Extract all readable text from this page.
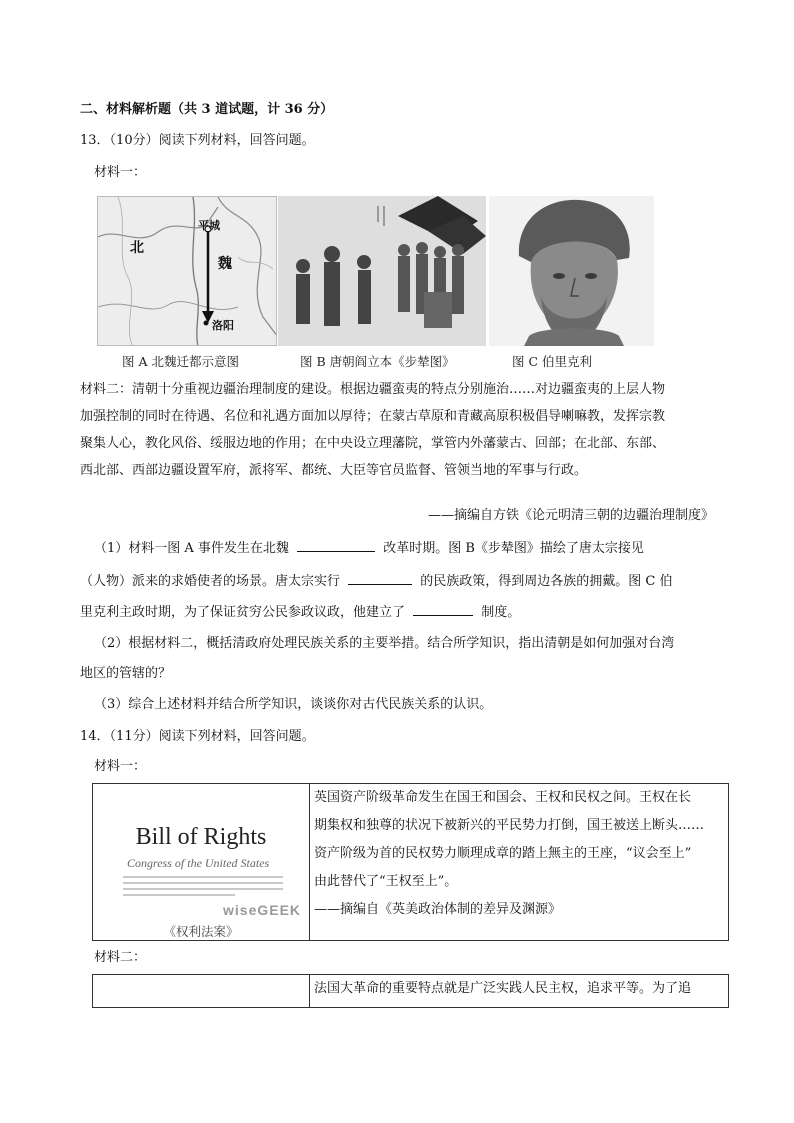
二、材料解析题（共 3 道试题，计 36 分）
13．（10分）阅读下列材料，回答问题。
材料一：
北
平城
魏
洛阳
图 A 北魏迁都示意图	图 B 唐朝阎立本《步辇图》	图 C 伯里克利

材料二：清朝十分重视边疆治理制度的建设。根据边疆蛮夷的特点分别施治……对边疆蛮夷的上层人物

加强控制的同时在待遇、名位和礼遇方面加以厚待；在蒙古草原和青藏高原积极倡导喇嘛教，发挥宗教

聚集人心，教化风俗、绥服边地的作用；在中央设立理藩院，掌管内外藩蒙古、回部；在北部、东部、

西北部、西部边疆设置军府，派将军、都统、大臣等官员监督、管领当地的军事与行政。

——摘编自方铁《论元明清三朝的边疆治理制度》
（1）材料一图 A 事件发生在北魏	改革时期。图 B《步辇图》描绘了唐太宗接见
（人物）派来的求婚使者的场景。唐太宗实行	的民族政策，得到周边各族的拥戴。图 C 伯
里克利主政时期，为了保证贫穷公民参政议政，他建立了	制度。
（2）根据材料二，概括清政府处理民族关系的主要举措。结合所学知识，指出清朝是如何加强对台湾
地区的管辖的？
（3）综合上述材料并结合所学知识，谈谈你对古代民族关系的认识。
14．（11分）阅读下列材料，回答问题。
材料一：
Bill of Rights
Congress of the United States
wiseGEEK
《权利法案》

英国资产阶级革命发生在国王和国会、王权和民权之间。王权在长
期集权和独尊的状况下被新兴的平民势力打倒，国王被送上断头……
资产阶级为首的民权势力顺理成章的踏上無主的王座，“议会至上”
由此替代了“王权至上”。
——摘编自《英美政治体制的差异及渊源》
材料二：

法国大革命的重要特点就是广泛实践人民主权，追求平等。为了追
